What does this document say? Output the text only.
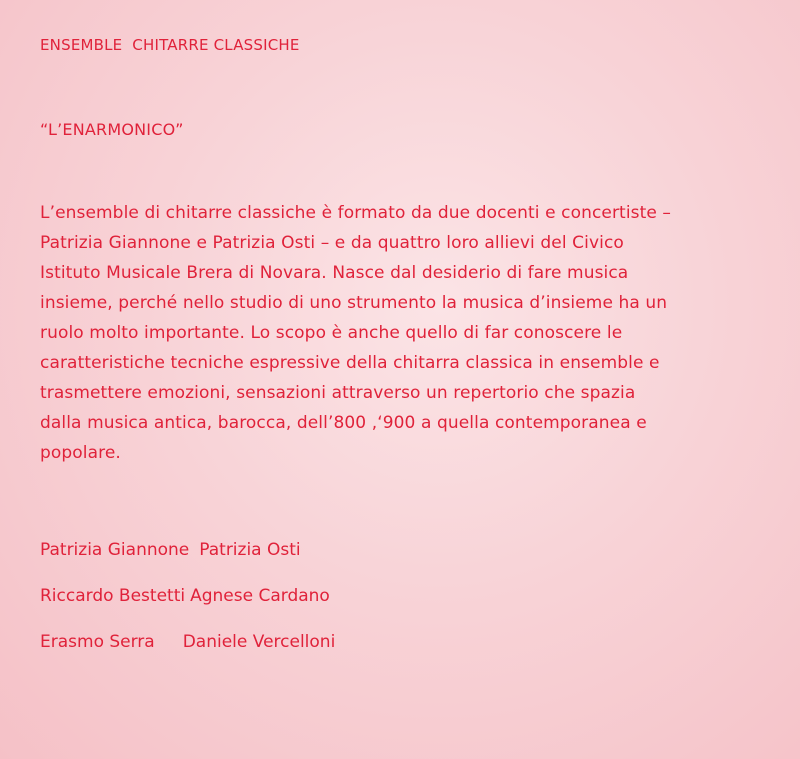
ENSEMBLE  CHITARRE CLASSICHE
“L’ENARMONICO”

L’ensemble di chitarre classiche è formato da due docenti e concertiste –
Patrizia Giannone e Patrizia Osti – e da quattro loro allievi del Civico
Istituto Musicale Brera di Novara. Nasce dal desiderio di fare musica
insieme, perché nello studio di uno strumento la musica d’insieme ha un
ruolo molto importante. Lo scopo è anche quello di far conoscere le
caratteristiche tecniche espressive della chitarra classica in ensemble e
trasmettere emozioni, sensazioni attraverso un repertorio che spazia
dalla musica antica, barocca, dell’800 ,‘900 a quella contemporanea e
popolare.

Patrizia Giannone Patrizia Osti
Riccardo Bestetti Agnese Cardano
Erasmo Serra Daniele Vercelloni
